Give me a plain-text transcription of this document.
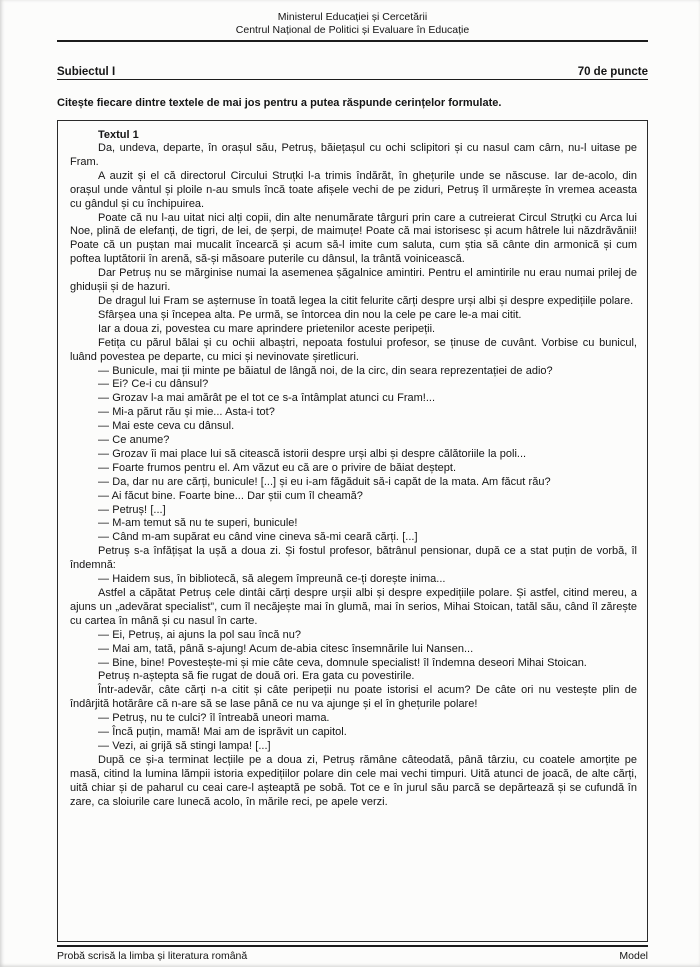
Ministerul Educației și Cercetării
Centrul Național de Politici și Evaluare în Educație
Subiectul I	70 de puncte
Citește fiecare dintre textele de mai jos pentru a putea răspunde cerințelor formulate.
Textul 1

Da, undeva, departe, în orașul său, Petruș, băiețașul cu ochi sclipitori și cu nasul cam cârn, nu-l uitase pe Fram.

A auzit și el că directorul Circului Struțki l-a trimis îndărăt, în ghețurile unde se născuse. Iar de-acolo, din orașul unde vântul și ploile n-au smuls încă toate afișele vechi de pe ziduri, Petruș îl urmărește în vremea aceasta cu gândul și cu închipuirea.

Poate că nu l-au uitat nici alți copii, din alte nenumărate târguri prin care a cutreierat Circul Struțki cu Arca lui Noe, plină de elefanți, de tigri, de lei, de șerpi, de maimuțe! Poate că mai istorisesc și acum hâtrele lui năzdrăvănii! Poate că un puștan mai mucalit încearcă și acum să-l imite cum saluta, cum știa să cânte din armonică și cum poftea luptătorii în arenă, să-și măsoare puterile cu dânsul, la trântă voinicească.

Dar Petruș nu se mărginise numai la asemenea șăgalnice amintiri. Pentru el amintirile nu erau numai prilej de ghidușii și de hazuri.

De dragul lui Fram se așternuse în toată legea la citit felurite cărți despre urși albi și despre expedițiile polare.

Sfârșea una și începea alta. Pe urmă, se întorcea din nou la cele pe care le-a mai citit.

Iar a doua zi, povestea cu mare aprindere prietenilor aceste peripeții.

Fetița cu părul bălai și cu ochii albaștri, nepoata fostului profesor, se ținuse de cuvânt. Vorbise cu bunicul, luând povestea pe departe, cu mici și nevinovate șiretlicuri.

— Bunicule, mai ții minte pe băiatul de lângă noi, de la circ, din seara reprezentației de adio?

— Ei? Ce-i cu dânsul?

— Grozav l-a mai amărât pe el tot ce s-a întâmplat atunci cu Fram!...

— Mi-a părut rău și mie... Asta-i tot?

— Mai este ceva cu dânsul.

— Ce anume?

— Grozav îi mai place lui să citească istorii despre urși albi și despre călătoriile la poli...

— Foarte frumos pentru el. Am văzut eu că are o privire de băiat deștept.

— Da, dar nu are cărți, bunicule! [...] și eu i-am făgăduit să-i capăt de la mata. Am făcut rău?

— Ai făcut bine. Foarte bine... Dar știi cum îl cheamă?

— Petruș! [...]

— M-am temut să nu te superi, bunicule!

— Când m-am supărat eu când vine cineva să-mi ceară cărți. [...]

Petruș s-a înfățișat la ușă a doua zi. Și fostul profesor, bătrânul pensionar, după ce a stat puțin de vorbă, îl îndemnă:

— Haidem sus, în bibliotecă, să alegem împreună ce-ți dorește inima...

Astfel a căpătat Petruș cele dintâi cărți despre urșii albi și despre expedițiile polare. Și astfel, citind mereu, a ajuns un „adevărat specialist”, cum îl necăjește mai în glumă, mai în serios, Mihai Stoican, tatăl său, când îl zărește cu cartea în mână și cu nasul în carte.

— Ei, Petruș, ai ajuns la pol sau încă nu?

— Mai am, tată, până s-ajung! Acum de-abia citesc însemnările lui Nansen...

— Bine, bine! Povestește-mi și mie câte ceva, domnule specialist! îl îndemna deseori Mihai Stoican.

Petruș n-aștepta să fie rugat de două ori. Era gata cu povestirile.

Într-adevăr, câte cărți n-a citit și câte peripeții nu poate istorisi el acum? De câte ori nu vestește plin de îndârjită hotărâre că n-are să se lase până ce nu va ajunge și el în ghețurile polare!

— Petruș, nu te culci? îl întreabă uneori mama.

— Încă puțin, mamă! Mai am de isprăvit un capitol.

— Vezi, ai grijă să stingi lampa! [...]

După ce și-a terminat lecțiile pe a doua zi, Petruș rămâne câteodată, până târziu, cu coatele amorțite pe masă, citind la lumina lămpii istoria expedițiilor polare din cele mai vechi timpuri. Uită atunci de joacă, de alte cărți, uită chiar și de paharul cu ceai care-l așteaptă pe sobă. Tot ce e în jurul său parcă se depărtează și se cufundă în zare, ca sloiurile care lunecă acolo, în mările reci, pe apele verzi.

Probă scrisă la limba și literatura română	Model
